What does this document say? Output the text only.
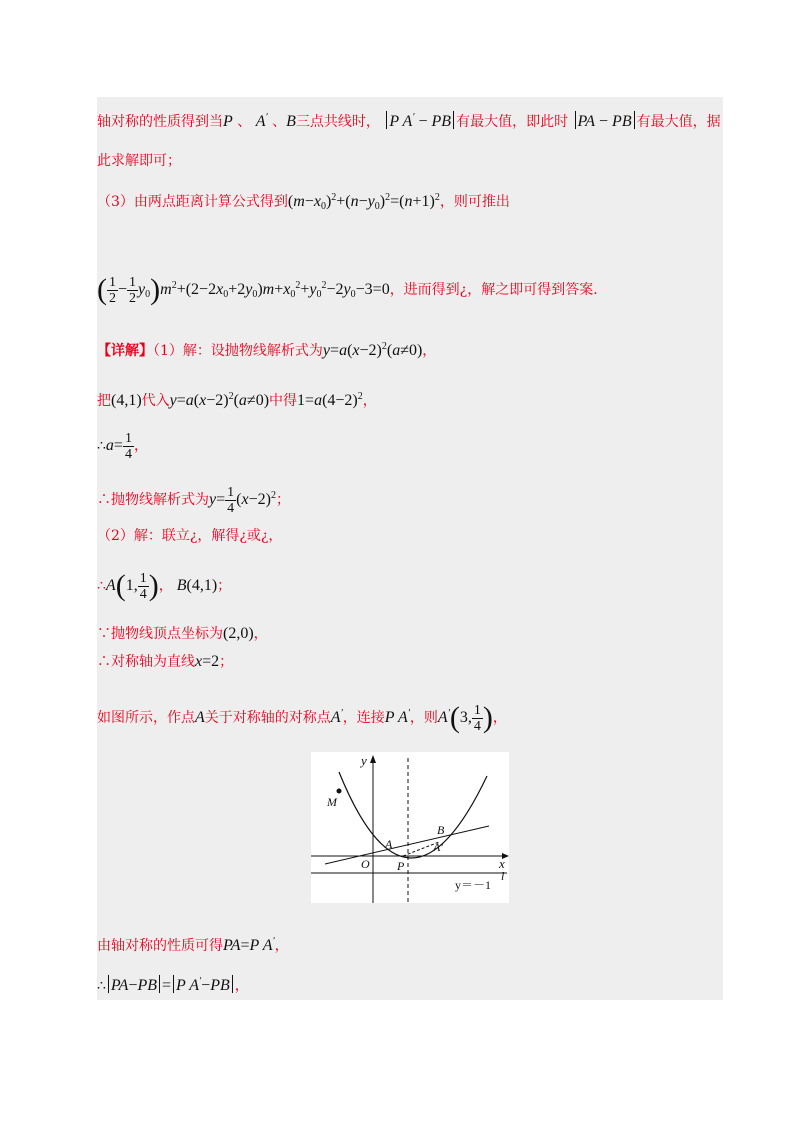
轴对称的性质得到当P 、 A′ 、B三点共线时， P A′ − PB 有最大值，即此时 PA − PB 有最大值，据
此求解即可；
（3）由两点距离计算公式得到$(m-x_0)^2+(n-y_0)^2=(n+1)^2$，则可推出
( $\frac{1}{2} - \frac{1}{2} y_0)m^2+(2-2x_0+2y_0)m+x_0^2+y_0^2-2y_0-3=0$，进而得到¿，解之即可得到答案.
【详解】（1）解：设抛物线解析式为$y=a(x-2)^2(a\ne 0)$，
把(4,1)代入$y=a(x-2)^2(a\ne 0)$中得$1=a(4-2)^2$，
∴a= $\frac{1}{4}$ ，
∴抛物线解析式为$y= \frac{1}{4} (x-2)^2$；
（2）解：联立¿，解得¿或¿，
∴A(1, $\frac{1}{4}$ )， B(4,1)；
∵抛物线顶点坐标为(2,0)，
∴对称轴为直线x=2；
如图所示，作点A关于对称轴的对称点A′，连接P A′，则A′(3, $\frac{1}{4}$ )，
y
x
M
A
B
A′
O P
l
y＝－1
由轴对称的性质可得PA=P A′，
∴ PA−PB = P A′−PB ，
